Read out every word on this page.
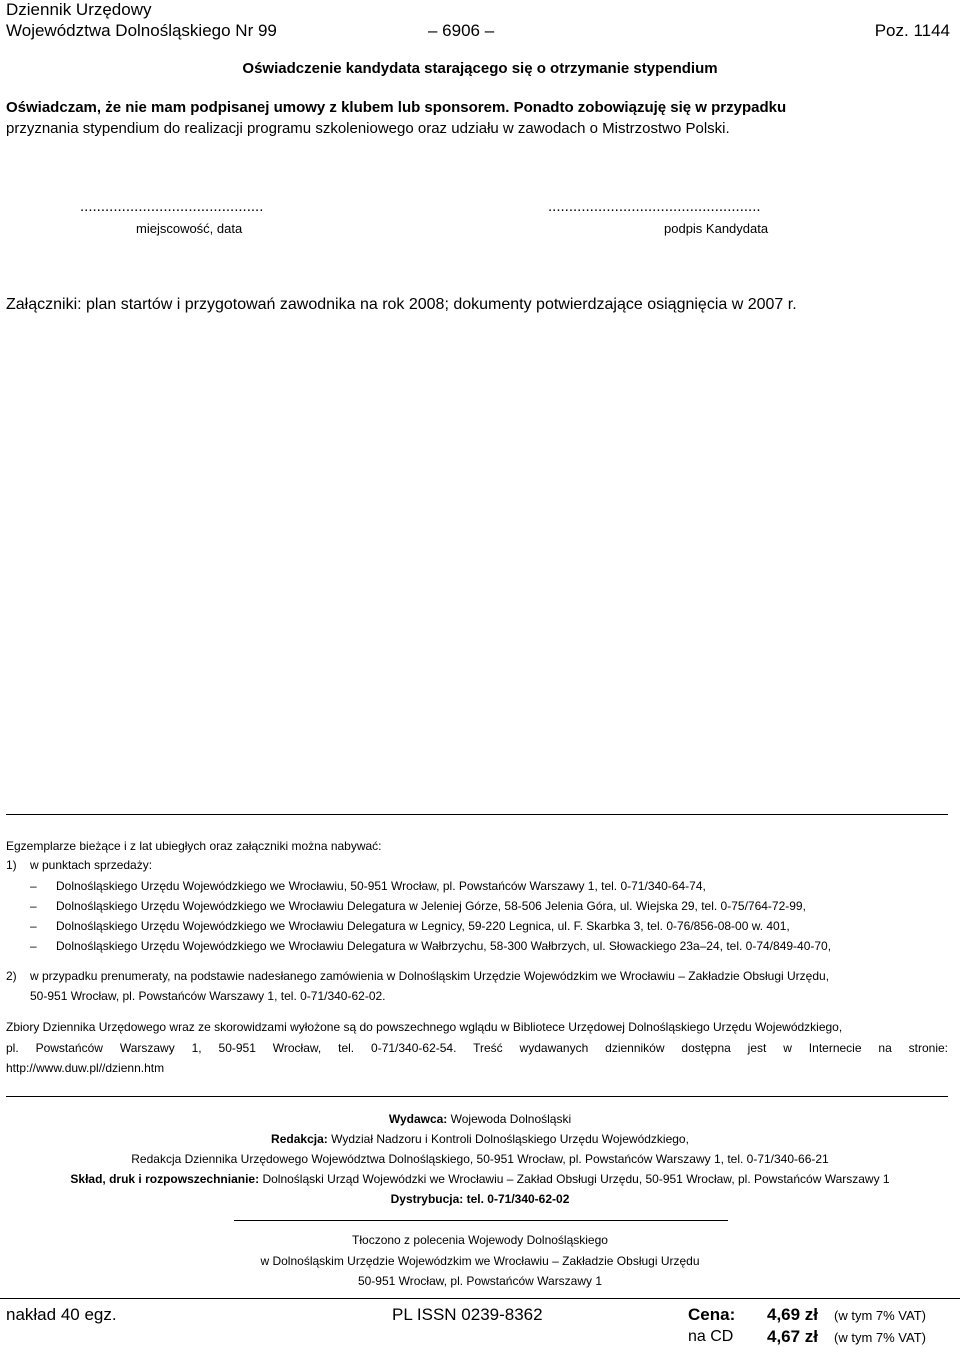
Dziennik Urzędowy
Województwa Dolnośląskiego Nr 99	– 6906 –	Poz. 1144
Oświadczenie kandydata starającego się o otrzymanie stypendium
Oświadczam, że nie mam podpisanej umowy z klubem lub sponsorem. Ponadto zobowiązuję się w przypadku
przyznania stypendium do realizacji programu szkoleniowego oraz udziału w zawodach o Mistrzostwo Polski.
............................................	...................................................
miejscowość, data	podpis Kandydata
Załączniki: plan startów i przygotowań zawodnika na rok 2008; dokumenty potwierdzające osiągnięcia w 2007 r.
Egzemplarze bieżące i z lat ubiegłych oraz załączniki można nabywać:
1) w punktach sprzedaży:
– Dolnośląskiego Urzędu Wojewódzkiego we Wrocławiu, 50-951 Wrocław, pl. Powstańców Warszawy 1, tel. 0-71/340-64-74,
– Dolnośląskiego Urzędu Wojewódzkiego we Wrocławiu Delegatura w Jeleniej Górze, 58-506 Jelenia Góra, ul. Wiejska 29, tel. 0-75/764-72-99,
– Dolnośląskiego Urzędu Wojewódzkiego we Wrocławiu Delegatura w Legnicy, 59-220 Legnica, ul. F. Skarbka 3, tel. 0-76/856-08-00 w. 401,
– Dolnośląskiego Urzędu Wojewódzkiego we Wrocławiu Delegatura w Wałbrzychu, 58-300 Wałbrzych, ul. Słowackiego 23a–24, tel. 0-74/849-40-70,
2) w przypadku prenumeraty, na podstawie nadesłanego zamówienia w Dolnośląskim Urzędzie Wojewódzkim we Wrocławiu – Zakładzie Obsługi Urzędu,
50-951 Wrocław, pl. Powstańców Warszawy 1, tel. 0-71/340-62-02.
Zbiory Dziennika Urzędowego wraz ze skorowidzami wyłożone są do powszechnego wglądu w Bibliotece Urzędowej Dolnośląskiego Urzędu Wojewódzkiego,
pl. Powstańców Warszawy 1, 50-951 Wrocław, tel. 0-71/340-62-54. Treść wydawanych dzienników dostępna jest w Internecie na stronie:
http://www.duw.pl//dzienn.htm
Wydawca: Wojewoda Dolnośląski
Redakcja: Wydział Nadzoru i Kontroli Dolnośląskiego Urzędu Wojewódzkiego,
Redakcja Dziennika Urzędowego Województwa Dolnośląskiego, 50-951 Wrocław, pl. Powstańców Warszawy 1, tel. 0-71/340-66-21
Skład, druk i rozpowszechnianie: Dolnośląski Urząd Wojewódzki we Wrocławiu – Zakład Obsługi Urzędu, 50-951 Wrocław, pl. Powstańców Warszawy 1
Dystrybucja: tel. 0-71/340-62-02
Tłoczono z polecenia Wojewody Dolnośląskiego
w Dolnośląskim Urzędzie Wojewódzkim we Wrocławiu – Zakładzie Obsługi Urzędu
50-951 Wrocław, pl. Powstańców Warszawy 1
nakład 40 egz.	PL ISSN 0239-8362	Cena: 4,69 zł (w tym 7% VAT)
na CD 4,67 zł (w tym 7% VAT)
